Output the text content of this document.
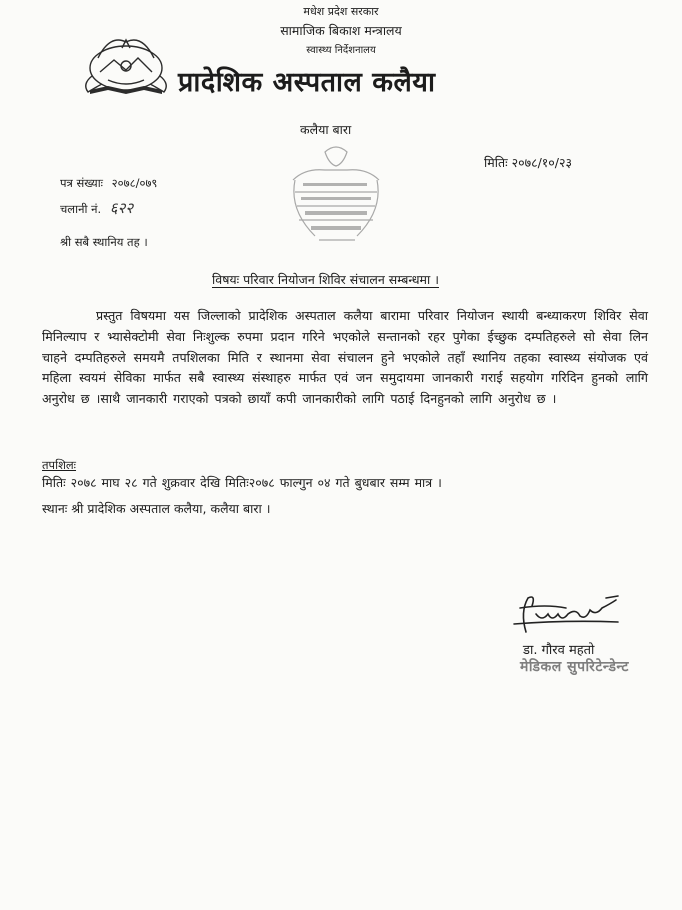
मधेश प्रदेश सरकार
सामाजिक बिकाश मन्त्रालय
स्वास्थ्य निर्देशनालय
प्रादेशिक अस्पताल कलैया
कलैया बारा
मितिः २०७८/१०/२३
पत्र संख्याः २०७८/०७९
चलानी नं. ६२२
श्री सबै स्थानिय तह ।
विषयः परिवार नियोजन शिविर संचालन सम्बन्धमा ।
प्रस्तुत विषयमा यस जिल्लाको प्रादेशिक अस्पताल कलैया बारामा परिवार नियोजन स्थायी बन्ध्याकरण शिविर सेवा मिनिल्याप र भ्यासेक्टोमी सेवा निःशुल्क रुपमा प्रदान गरिने भएकोले सन्तानको रहर पुगेका ईच्छुक दम्पतिहरुले सो सेवा लिन चाहने दम्पतिहरुले समयमै तपशिलका मिति र स्थानमा सेवा संचालन हुने भएकोले तहाँ स्थानिय तहका स्वास्थ्य संयोजक एवं महिला स्वयमं सेविका मार्फत सबै स्वास्थ्य संस्थाहरु मार्फत एवं जन समुदायमा जानकारी गराई सहयोग गरिदिन हुनको लागि अनुरोध छ ।साथै जानकारी गराएको पत्रको छायाँ कपी जानकारीको लागि पठाई दिनहुनको लागि अनुरोध छ ।
तपशिलः
मितिः २०७८ माघ २८ गते शुक्रवार देखि मितिः२०७८ फाल्गुन ०४ गते बुधबार सम्म मात्र ।
स्थानः श्री प्रादेशिक अस्पताल कलैया, कलैया बारा ।
डा. गौरव महतो
मेडिकल सुपरिटेन्डेन्ट
